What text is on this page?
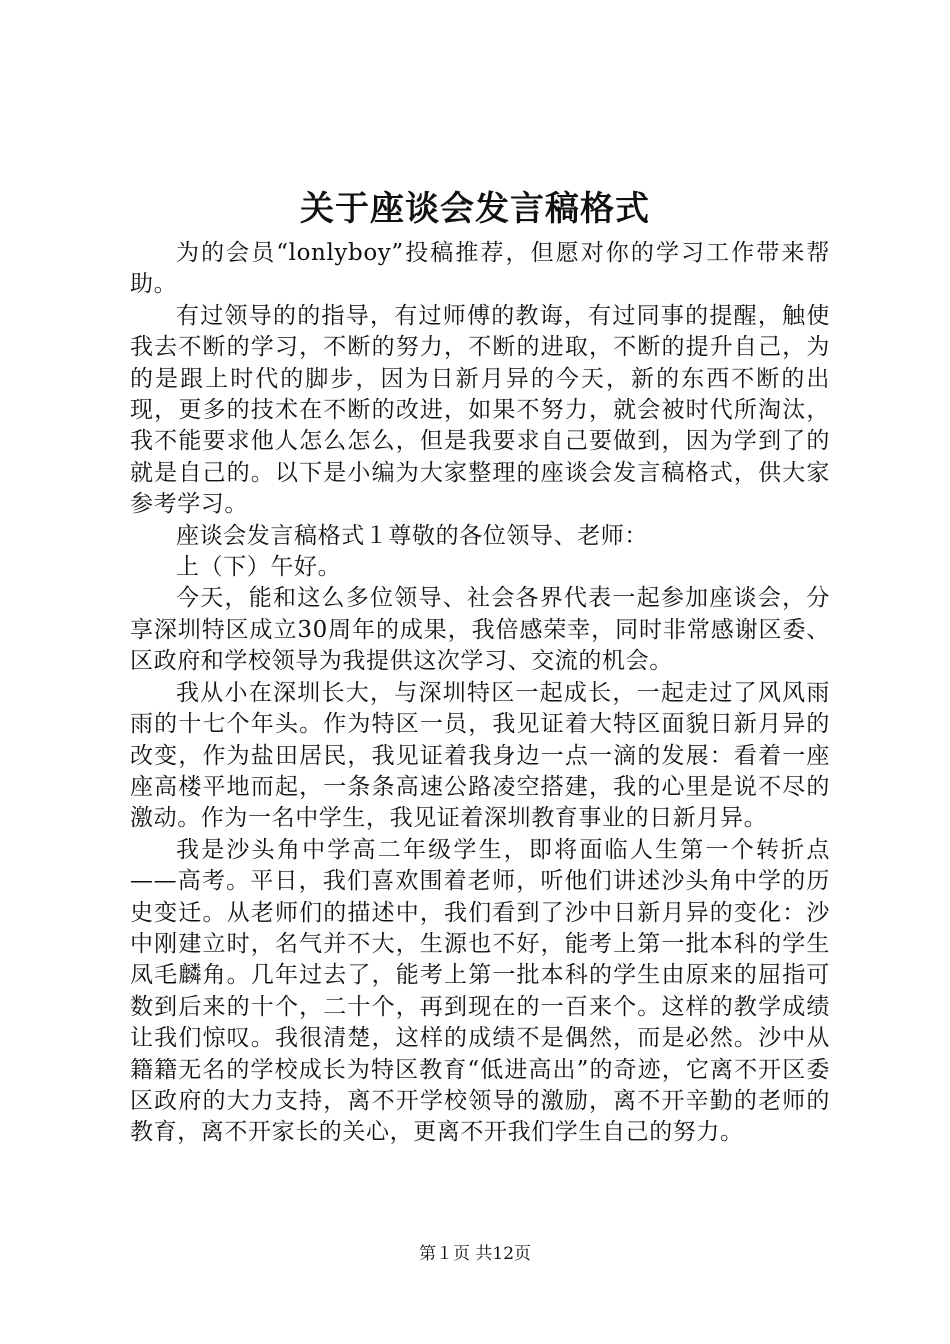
关于座谈会发言稿格式

为的会员“lonlyboy”投稿推荐，但愿对你的学习工作带来帮助。

有过领导的的指导，有过师傅的教诲，有过同事的提醒，触使我去不断的学习，不断的努力，不断的进取，不断的提升自己，为的是跟上时代的脚步，因为日新月异的今天，新的东西不断的出现，更多的技术在不断的改进，如果不努力，就会被时代所淘汰，我不能要求他人怎么怎么，但是我要求自己要做到，因为学到了的就是自己的。以下是小编为大家整理的座谈会发言稿格式，供大家参考学习。

座谈会发言稿格式１尊敬的各位领导、老师：

上（下）午好。

今天，能和这么多位领导、社会各界代表一起参加座谈会，分享深圳特区成立30周年的成果，我倍感荣幸，同时非常感谢区委、区政府和学校领导为我提供这次学习、交流的机会。

我从小在深圳长大，与深圳特区一起成长，一起走过了风风雨雨的十七个年头。作为特区一员，我见证着大特区面貌日新月异的改变，作为盐田居民，我见证着我身边一点一滴的发展：看着一座座高楼平地而起，一条条高速公路凌空搭建，我的心里是说不尽的激动。作为一名中学生，我见证着深圳教育事业的日新月异。

我是沙头角中学高二年级学生，即将面临人生第一个转折点——高考。平日，我们喜欢围着老师，听他们讲述沙头角中学的历史变迁。从老师们的描述中，我们看到了沙中日新月异的变化：沙中刚建立时，名气并不大，生源也不好，能考上第一批本科的学生凤毛麟角。几年过去了，能考上第一批本科的学生由原来的屈指可数到后来的十个，二十个，再到现在的一百来个。这样的教学成绩让我们惊叹。我很清楚，这样的成绩不是偶然，而是必然。沙中从籍籍无名的学校成长为特区教育“低进高出”的奇迹，它离不开区委区政府的大力支持，离不开学校领导的激励，离不开辛勤的老师的教育，离不开家长的关心，更离不开我们学生自己的努力。

第１页 共12页
